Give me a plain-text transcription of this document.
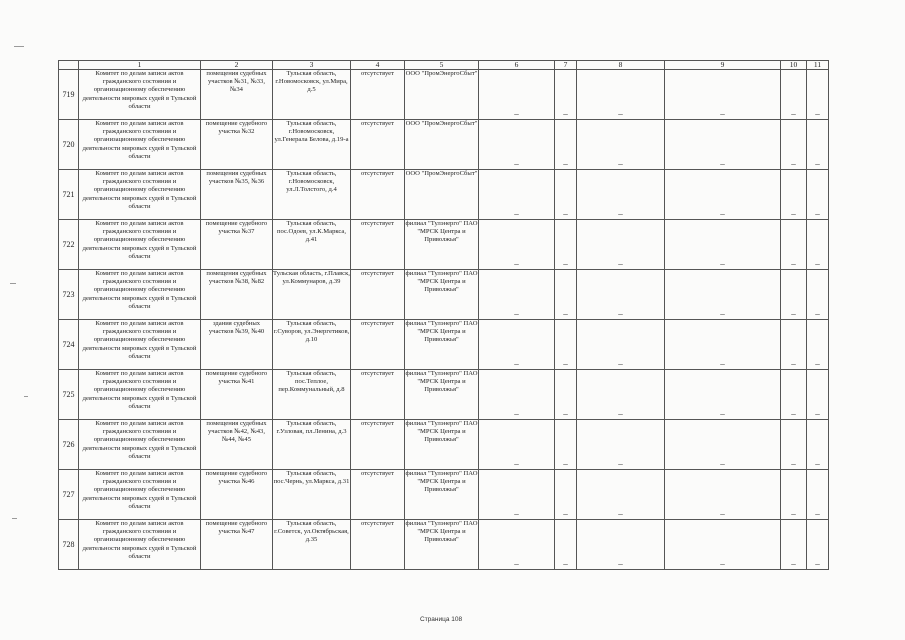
	1	2	3	4	5	6	7	8	9	10	11
719	Комитет по делам записи актов гражданского состояния и организационному обеспечению деятельности мировых судей в Тульской области	помещения судебных участков №31, №33, №34	Тульская область, г.Новомосковск, ул.Мира, д.5	отсутствует	ООО "ПромЭнергоСбыт"	–	–	–	–	–	–
720	Комитет по делам записи актов гражданского состояния и организационному обеспечению деятельности мировых судей в Тульской области	помещение судебного участка №32	Тульская область, г.Новомосковск, ул.Генерала Белова, д.19-а	отсутствует	ООО "ПромЭнергоСбыт"	–	–	–	–	–	–
721	Комитет по делам записи актов гражданского состояния и организационному обеспечению деятельности мировых судей в Тульской области	помещения судебных участков №35, №36	Тульская область, г.Новомосковск, ул.Л.Толстого, д.4	отсутствует	ООО "ПромЭнергоСбыт"	–	–	–	–	–	–
722	Комитет по делам записи актов гражданского состояния и организационному обеспечению деятельности мировых судей в Тульской области	помещение судебного участка №37	Тульская область, пос.Одоев, ул.К.Маркса, д.41	отсутствует	филиал "Тулэнерго" ПАО "МРСК Центра и Приволжья"	–	–	–	–	–	–
723	Комитет по делам записи актов гражданского состояния и организационному обеспечению деятельности мировых судей в Тульской области	помещения судебных участков №38, №82	Тульская область, г.Плавск, ул.Коммунаров, д.39	отсутствует	филиал "Тулэнерго" ПАО "МРСК Центра и Приволжья"	–	–	–	–	–	–
724	Комитет по делам записи актов гражданского состояния и организационному обеспечению деятельности мировых судей в Тульской области	здания судебных участков №39, №40	Тульская область, г.Суворов, ул.Энергетиков, д.10	отсутствует	филиал "Тулэнерго" ПАО "МРСК Центра и Приволжья"	–	–	–	–	–	–
725	Комитет по делам записи актов гражданского состояния и организационному обеспечению деятельности мировых судей в Тульской области	помещение судебного участка №41	Тульская область, пос.Теплое, пер.Коммунальный, д.8	отсутствует	филиал "Тулэнерго" ПАО "МРСК Центра и Приволжья"	–	–	–	–	–	–
726	Комитет по делам записи актов гражданского состояния и организационному обеспечению деятельности мировых судей в Тульской области	помещения судебных участков №42, №43, №44, №45	Тульская область, г.Узловая, пл.Ленина, д.3	отсутствует	филиал "Тулэнерго" ПАО "МРСК Центра и Приволжья"	–	–	–	–	–	–
727	Комитет по делам записи актов гражданского состояния и организационному обеспечению деятельности мировых судей в Тульской области	помещение судебного участка №46	Тульская область, пос.Чернь, ул.Маркса, д.31	отсутствует	филиал "Тулэнерго" ПАО "МРСК Центра и Приволжья"	–	–	–	–	–	–
728	Комитет по делам записи актов гражданского состояния и организационному обеспечению деятельности мировых судей в Тульской области	помещение судебного участка №47	Тульская область, г.Советск, ул.Октябрьская, д.35	отсутствует	филиал "Тулэнерго" ПАО "МРСК Центра и Приволжья"	–	–	–	–	–	–
Страница 108
